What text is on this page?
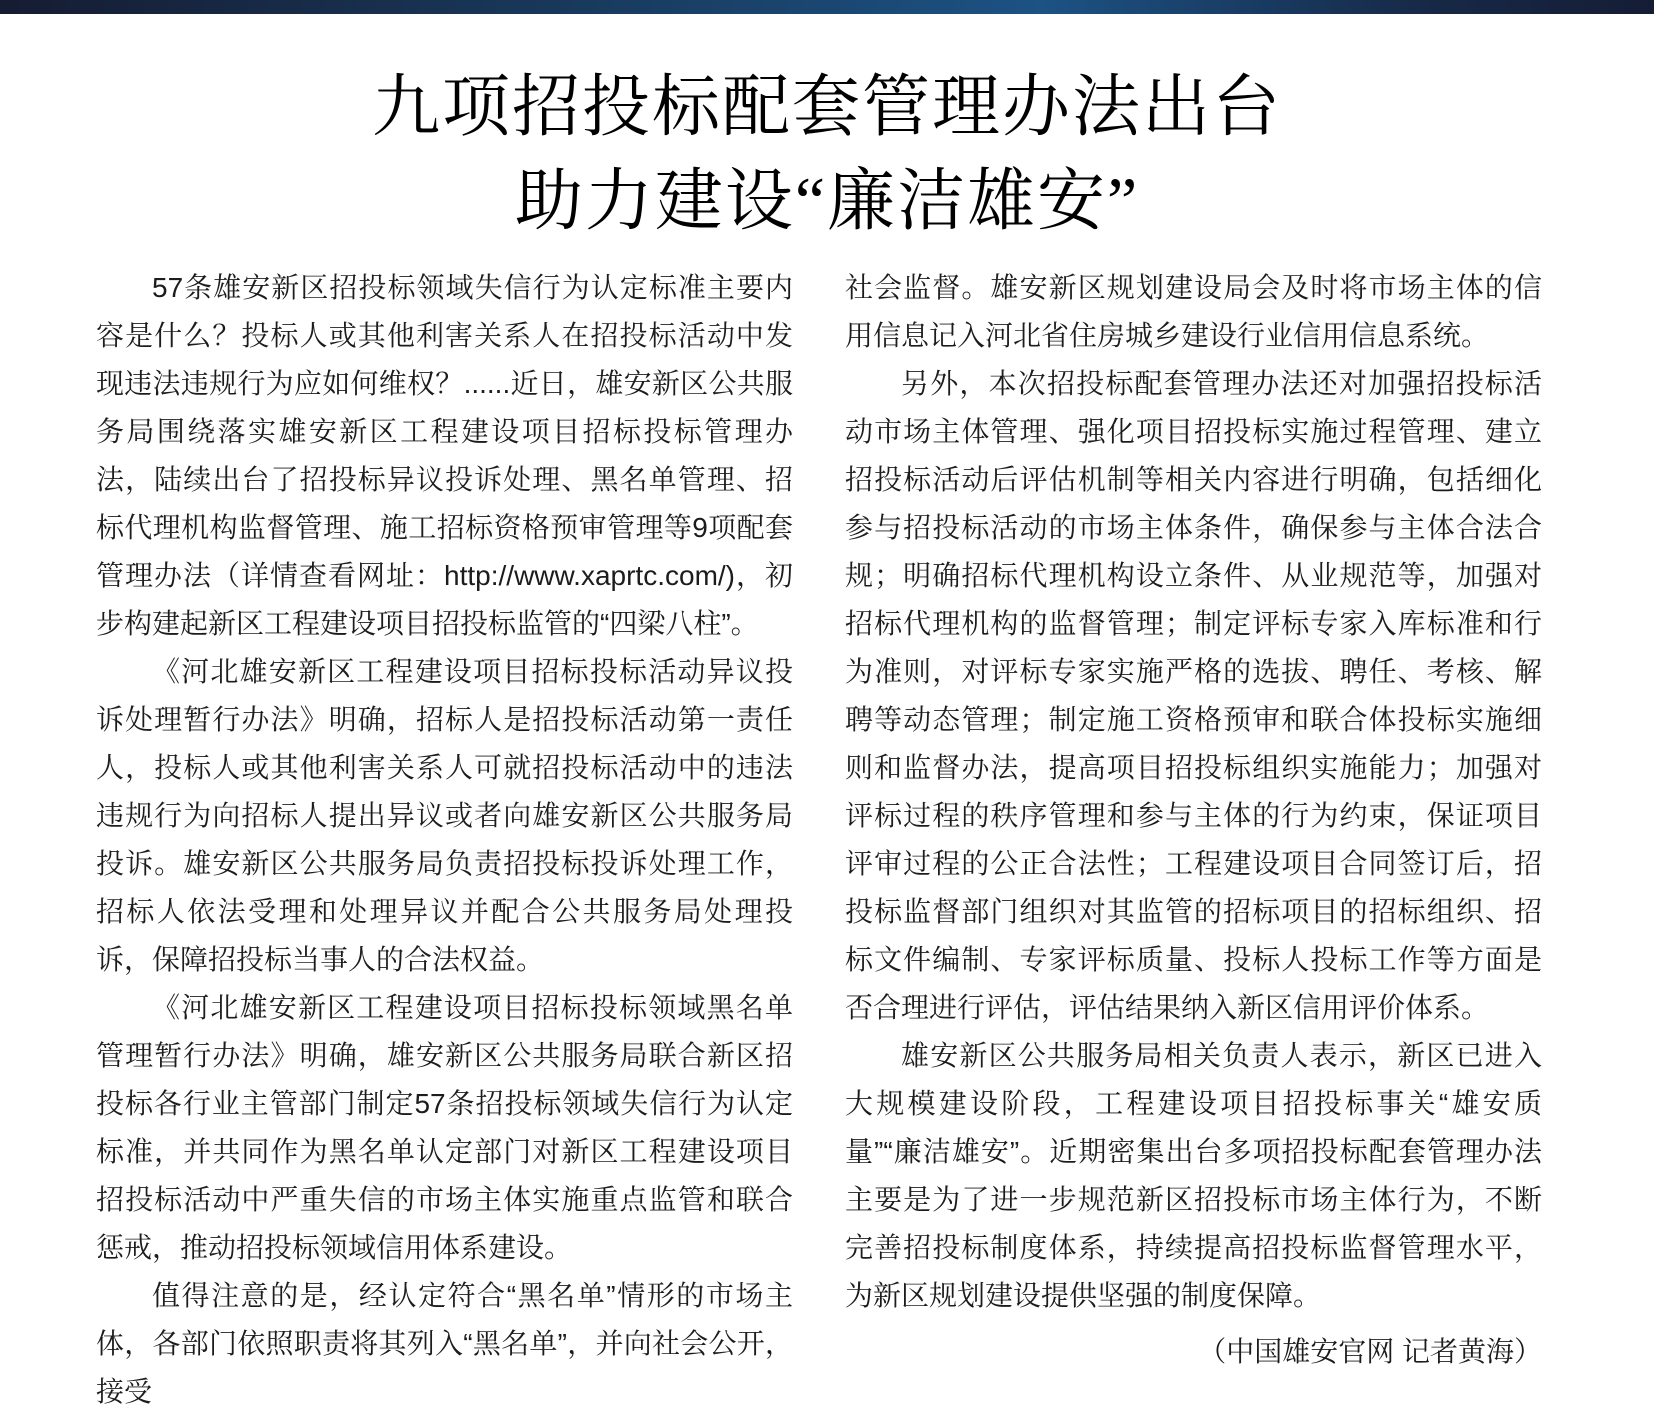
九项招投标配套管理办法出台
助力建设“廉洁雄安”

57条雄安新区招投标领域失信行为认定标准主要内容是什么？投标人或其他利害关系人在招投标活动中发现违法违规行为应如何维权？......近日，雄安新区公共服务局围绕落实雄安新区工程建设项目招标投标管理办法，陆续出台了招投标异议投诉处理、黑名单管理、招标代理机构监督管理、施工招标资格预审管理等9项配套管理办法（详情查看网址：http://www.xaprtc.com/)，初步构建起新区工程建设项目招投标监管的“四梁八柱”。

《河北雄安新区工程建设项目招标投标活动异议投诉处理暂行办法》明确，招标人是招投标活动第一责任人，投标人或其他利害关系人可就招投标活动中的违法违规行为向招标人提出异议或者向雄安新区公共服务局投诉。雄安新区公共服务局负责招投标投诉处理工作，招标人依法受理和处理异议并配合公共服务局处理投诉，保障招投标当事人的合法权益。

《河北雄安新区工程建设项目招标投标领域黑名单管理暂行办法》明确，雄安新区公共服务局联合新区招投标各行业主管部门制定57条招投标领域失信行为认定标准，并共同作为黑名单认定部门对新区工程建设项目招投标活动中严重失信的市场主体实施重点监管和联合惩戒，推动招投标领域信用体系建设。

值得注意的是，经认定符合“黑名单”情形的市场主体，各部门依照职责将其列入“黑名单”，并向社会公开，接受

社会监督。雄安新区规划建设局会及时将市场主体的信用信息记入河北省住房城乡建设行业信用信息系统。

另外，本次招投标配套管理办法还对加强招投标活动市场主体管理、强化项目招投标实施过程管理、建立招投标活动后评估机制等相关内容进行明确，包括细化参与招投标活动的市场主体条件，确保参与主体合法合规；明确招标代理机构设立条件、从业规范等，加强对招标代理机构的监督管理；制定评标专家入库标准和行为准则，对评标专家实施严格的选拔、聘任、考核、解聘等动态管理；制定施工资格预审和联合体投标实施细则和监督办法，提高项目招投标组织实施能力；加强对评标过程的秩序管理和参与主体的行为约束，保证项目评审过程的公正合法性；工程建设项目合同签订后，招投标监督部门组织对其监管的招标项目的招标组织、招标文件编制、专家评标质量、投标人投标工作等方面是否合理进行评估，评估结果纳入新区信用评价体系。

雄安新区公共服务局相关负责人表示，新区已进入大规模建设阶段，工程建设项目招投标事关“雄安质量”“廉洁雄安”。近期密集出台多项招投标配套管理办法主要是为了进一步规范新区招投标市场主体行为，不断完善招投标制度体系，持续提高招投标监督管理水平，为新区规划建设提供坚强的制度保障。

（中国雄安官网 记者黄海）
